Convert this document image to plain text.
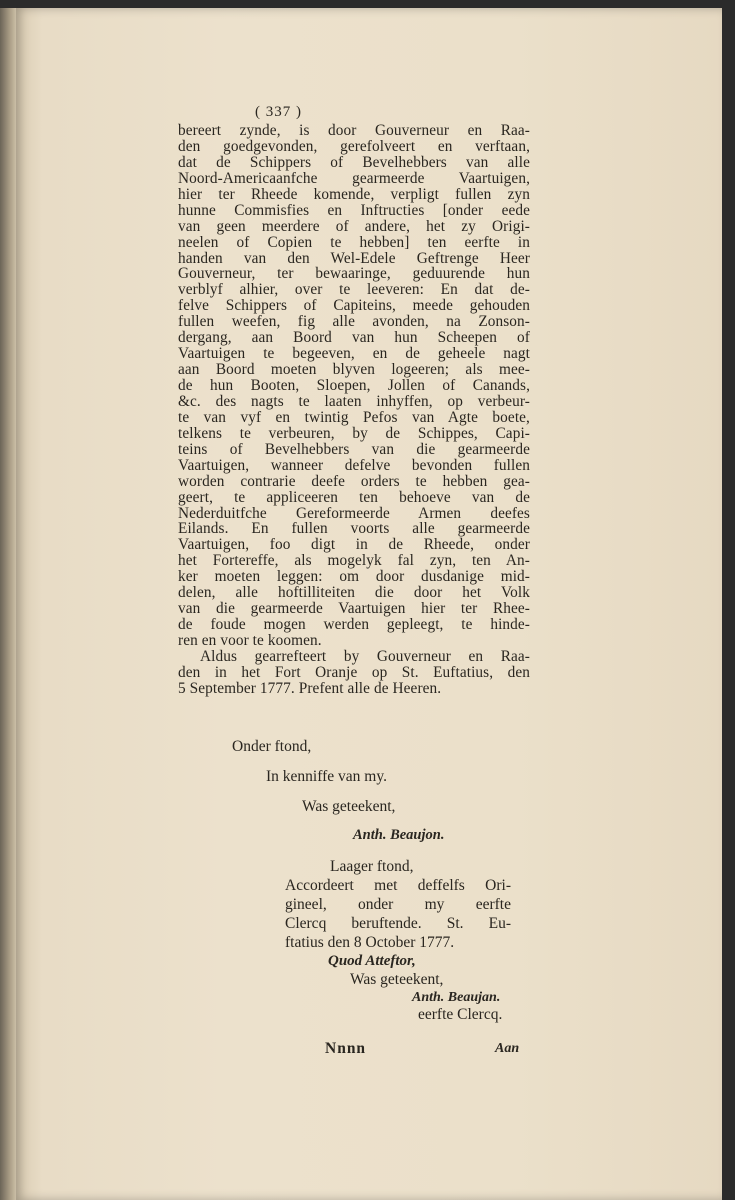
( 337 )
bereert zynde, is door Gouverneur en Raa-
den goedgevonden, gerefolveert en verftaan,
dat de Schippers of Bevelhebbers van alle
Noord-Americaanfche gearmeerde Vaartuigen,
hier ter Rheede komende, verpligt fullen zyn
hunne Commisfies en Inftructies [onder eede
van geen meerdere of andere, het zy Origi-
neelen of Copien te hebben] ten eerfte in
handen van den Wel-Edele Geftrenge Heer
Gouverneur, ter bewaaringe, geduurende hun
verblyf alhier, over te leeveren: En dat de-
felve Schippers of Capiteins, meede gehouden
fullen weefen, fig alle avonden, na Zonson-
dergang, aan Boord van hun Scheepen of
Vaartuigen te begeeven, en de geheele nagt
aan Boord moeten blyven logeeren; als mee-
de hun Booten, Sloepen, Jollen of Canands,
&c. des nagts te laaten inhyffen, op verbeur-
te van vyf en twintig Pefos van Agte boete,
telkens te verbeuren, by de Schippes, Capi-
teins of Bevelhebbers van die gearmeerde
Vaartuigen, wanneer defelve bevonden fullen
worden contrarie deefe orders te hebben gea-
geert, te appliceeren ten behoeve van de
Nederduitfche Gereformeerde Armen deefes
Eilands. En fullen voorts alle gearmeerde
Vaartuigen, foo digt in de Rheede, onder
het Fortereffe, als mogelyk fal zyn, ten An-
ker moeten leggen: om door dusdanige mid-
delen, alle hoftilliteiten die door het Volk
van die gearmeerde Vaartuigen hier ter Rhee-
de foude mogen werden gepleegt, te hinde-
ren en voor te koomen.
Aldus gearrefteert by Gouverneur en Raa-
den in het Fort Oranje op St. Euftatius, den
5 September 1777. Prefent alle de Heeren.
Onder ftond,
In kenniffe van my.
Was geteekent,
Anth. Beaujon.
Laager ftond,
Accordeert met deffelfs Ori-
gineel, onder my eerfte
Clercq beruftende. St. Eu-
ftatius den 8 October 1777.
Quod Atteftor,
Was geteekent,
Anth. Beaujan.
eerfte Clercq.
Nnnn	Aan
